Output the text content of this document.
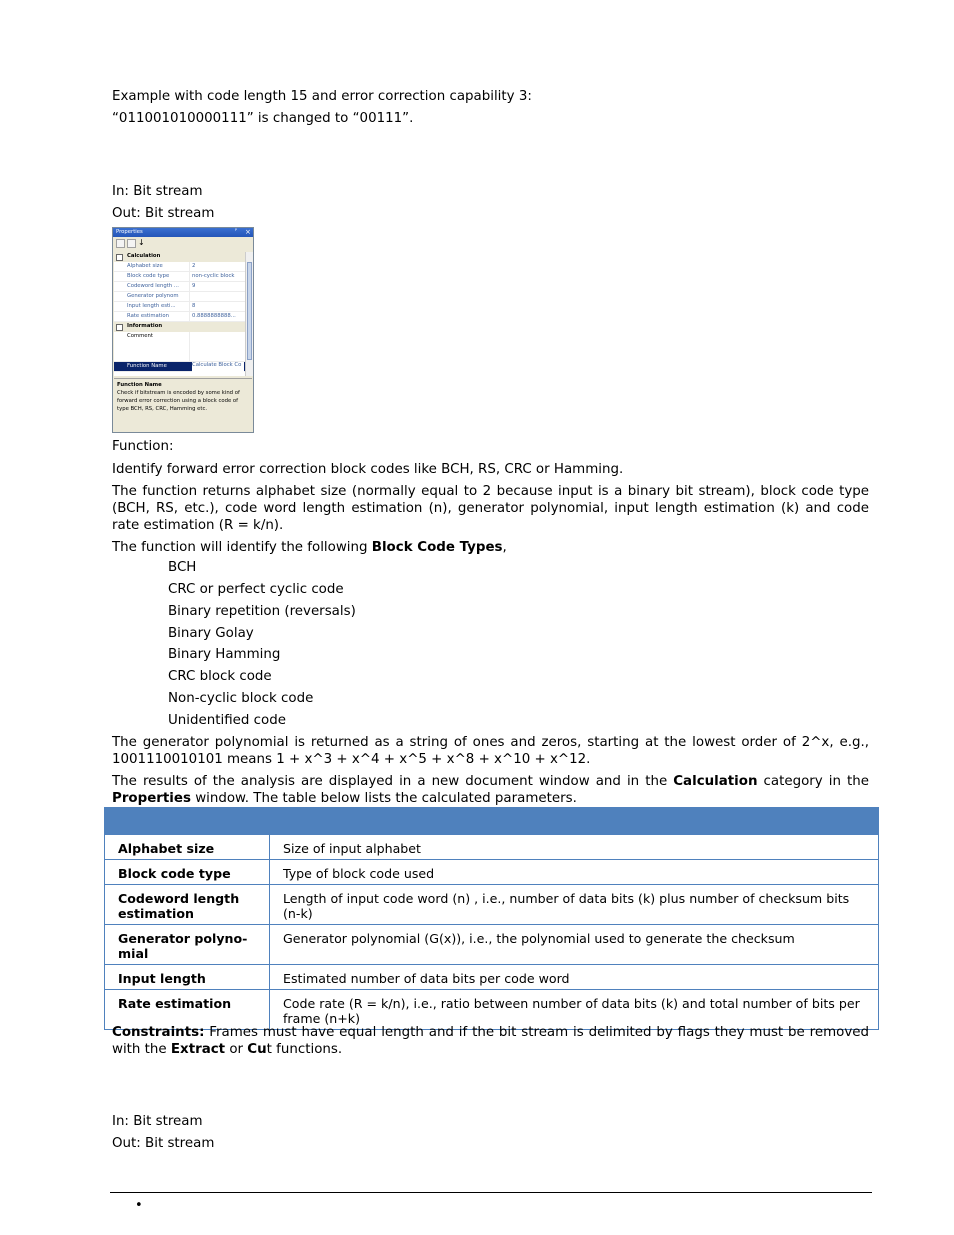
Example with code length 15 and error correction capability 3:
“011001010000111” is changed to “00111”.
In: Bit stream
Out: Bit stream
Properties	ᵖ ×
↓
Calculation
Alphabet size	2
Block code type	non-cyclic block
Codeword length ...	9
Generator polynom
Input length esti...	8
Rate estimation	0.8888888888...
Information
Comment
Function Name	Calculate Block Co
Function Name
Check if bitstream is encoded by some kind of forward error correction using a block code of type BCH, RS, CRC, Hamming etc.
Function:
Identify forward error correction block codes like BCH, RS, CRC or Hamming.
The function returns alphabet size (normally equal to 2 because input is a binary bit stream), block code type (BCH, RS, etc.), code word length estimation (n), generator polynomial, input length estimation (k) and code rate estimation (R = k/n).
The function will identify the following Block Code Types,
BCH
CRC or perfect cyclic code
Binary repetition (reversals)
Binary Golay
Binary Hamming
CRC block code
Non-cyclic block code
Unidentified code
The generator polynomial is returned as a string of ones and zeros, starting at the lowest order of 2^x, e.g., 1001110010101 means 1 + x^3 + x^4 + x^5 + x^8 + x^10 + x^12.
The results of the analysis are displayed in a new document window and in the Calculation category in the Properties window. The table below lists the calculated parameters.

Alphabet size	Size of input alphabet
Block code type	Type of block code used
Codeword length estimation	Length of input code word (n) , i.e., number of data bits (k) plus number of checksum bits (n-k)
Generator polyno-mial	Generator polynomial (G(x)), i.e., the polynomial used to generate the checksum
Input length	Estimated number of data bits per code word
Rate estimation	Code rate (R = k/n), i.e., ratio between number of data bits (k) and total number of bits per frame (n+k)
Constraints: Frames must have equal length and if the bit stream is delimited by flags they must be removed with the Extract or Cut functions.
In: Bit stream
Out: Bit stream
•
